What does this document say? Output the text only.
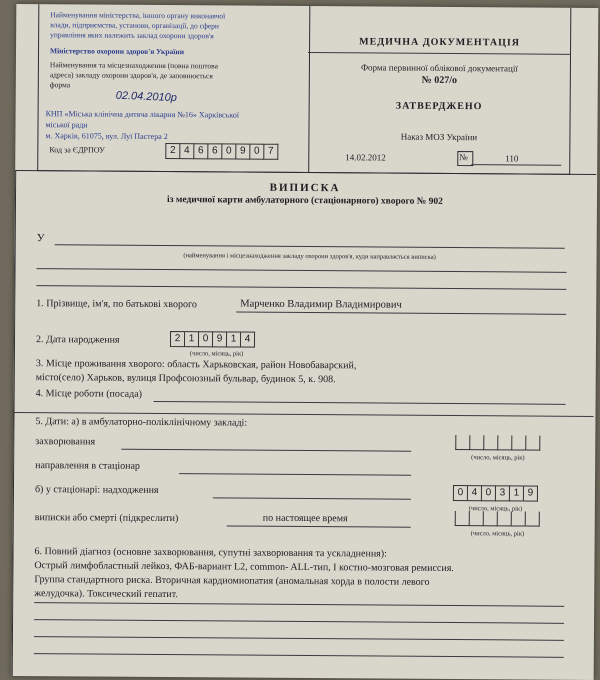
Найменування міністерства, іншого органу виконавчої
влади, підприємства, установи, організації, до сфери
управління яких належить заклад охорони здоров'я
Міністерство охорони здоров'я України
Найменування та місцезнаходження (повна поштова
адреса) закладу охорони здоров'я, де заповнюється
форма
02.04.2010р
КНП «Міська клінічна дитяча лікарня №16» Харківської
міської ради
м. Харків, 61075, вул. Луї Пастера 2
Код за ЄДРПОУ	2 4 6 6 0 9 0 7
МЕДИЧНА ДОКУМЕНТАЦІЯ
Форма первинної облікової документації
№ 027/о
ЗАТВЕРДЖЕНО
Наказ МОЗ України
14.02.2012	№	110
ВИПИСКА
із медичної карти амбулаторного (стаціонарного) хворого № 902
У
(найменування і місцезнаходження закладу охорони здоров'я, куди направляється виписка)
1. Прізвище, ім'я, по батькові хворого	Марченко Владимир Владимирович
2. Дата народження	2 1 0 9 1 4
(число, місяць, рік)
3. Місце проживання хворого: область Харьковская, район Новобаварский,
місто(село) Харьков, вулиця Профсоюзный бульвар, будинок 5, к. 908.
4. Місце роботи (посада)
5. Дати: а) в амбулаторно-поліклінічному закладі:
захворювання
(число, місяць, рік)
направлення в стаціонар
б) у стаціонарі: надходження	0 4 0 3 1 9
(число, місяць, рік)
виписки або смерті (підкреслити)	по настоящее время
(число, місяць, рік)
6. Повний діагноз (основне захворювання, супутні захворювання та ускладнення):
Острый лимфобластный лейкоз, ФАБ-вариант L2, common- ALL-тип, I костно-мозговая ремиссия.
Группа стандартного риска. Вторичная кардиомиопатия (аномальная хорда в полости левого
желудочка). Токсический гепатит.
